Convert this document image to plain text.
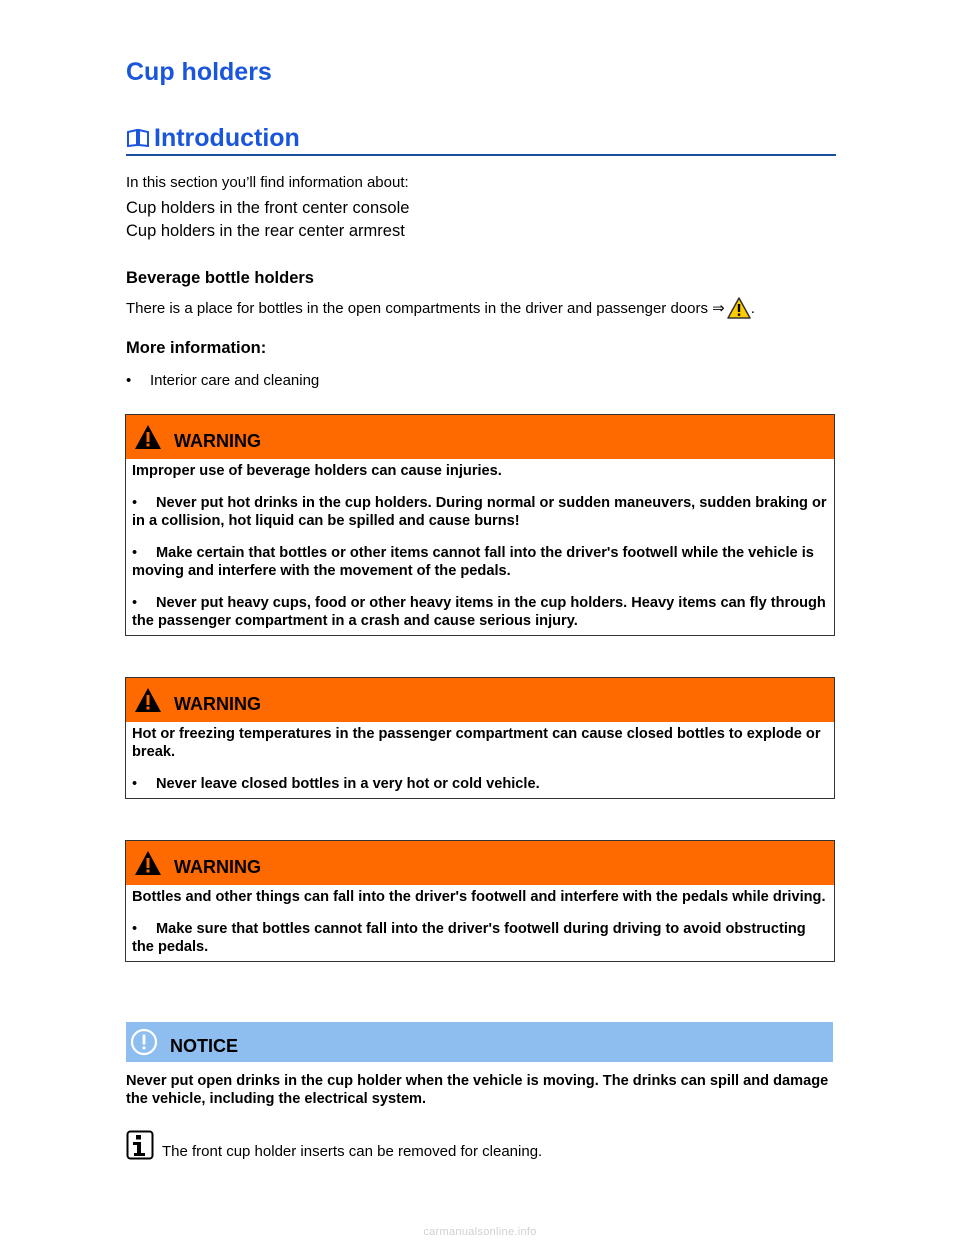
Cup holders
Introduction

In this section you’ll find information about:

Cup holders in the front center console

Cup holders in the rear center armrest

Beverage bottle holders

There is a place for bottles in the open compartments in the driver and passenger doors ⇒ .

More information:

• Interior care and cleaning

WARNING

Improper use of beverage holders can cause injuries.

• Never put hot drinks in the cup holders. During normal or sudden maneuvers, sudden braking or in a collision, hot liquid can be spilled and cause burns!

• Make certain that bottles or other items cannot fall into the driver's footwell while the vehicle is moving and interfere with the movement of the pedals.

• Never put heavy cups, food or other heavy items in the cup holders. Heavy items can fly through the passenger compartment in a crash and cause serious injury.

WARNING

Hot or freezing temperatures in the passenger compartment can cause closed bottles to explode or break.

• Never leave closed bottles in a very hot or cold vehicle.

WARNING

Bottles and other things can fall into the driver's footwell and interfere with the pedals while driving.

• Make sure that bottles cannot fall into the driver's footwell during driving to avoid obstructing the pedals.

NOTICE

Never put open drinks in the cup holder when the vehicle is moving. The drinks can spill and damage the vehicle, including the electrical system.

The front cup holder inserts can be removed for cleaning.

carmanualsonline.info
